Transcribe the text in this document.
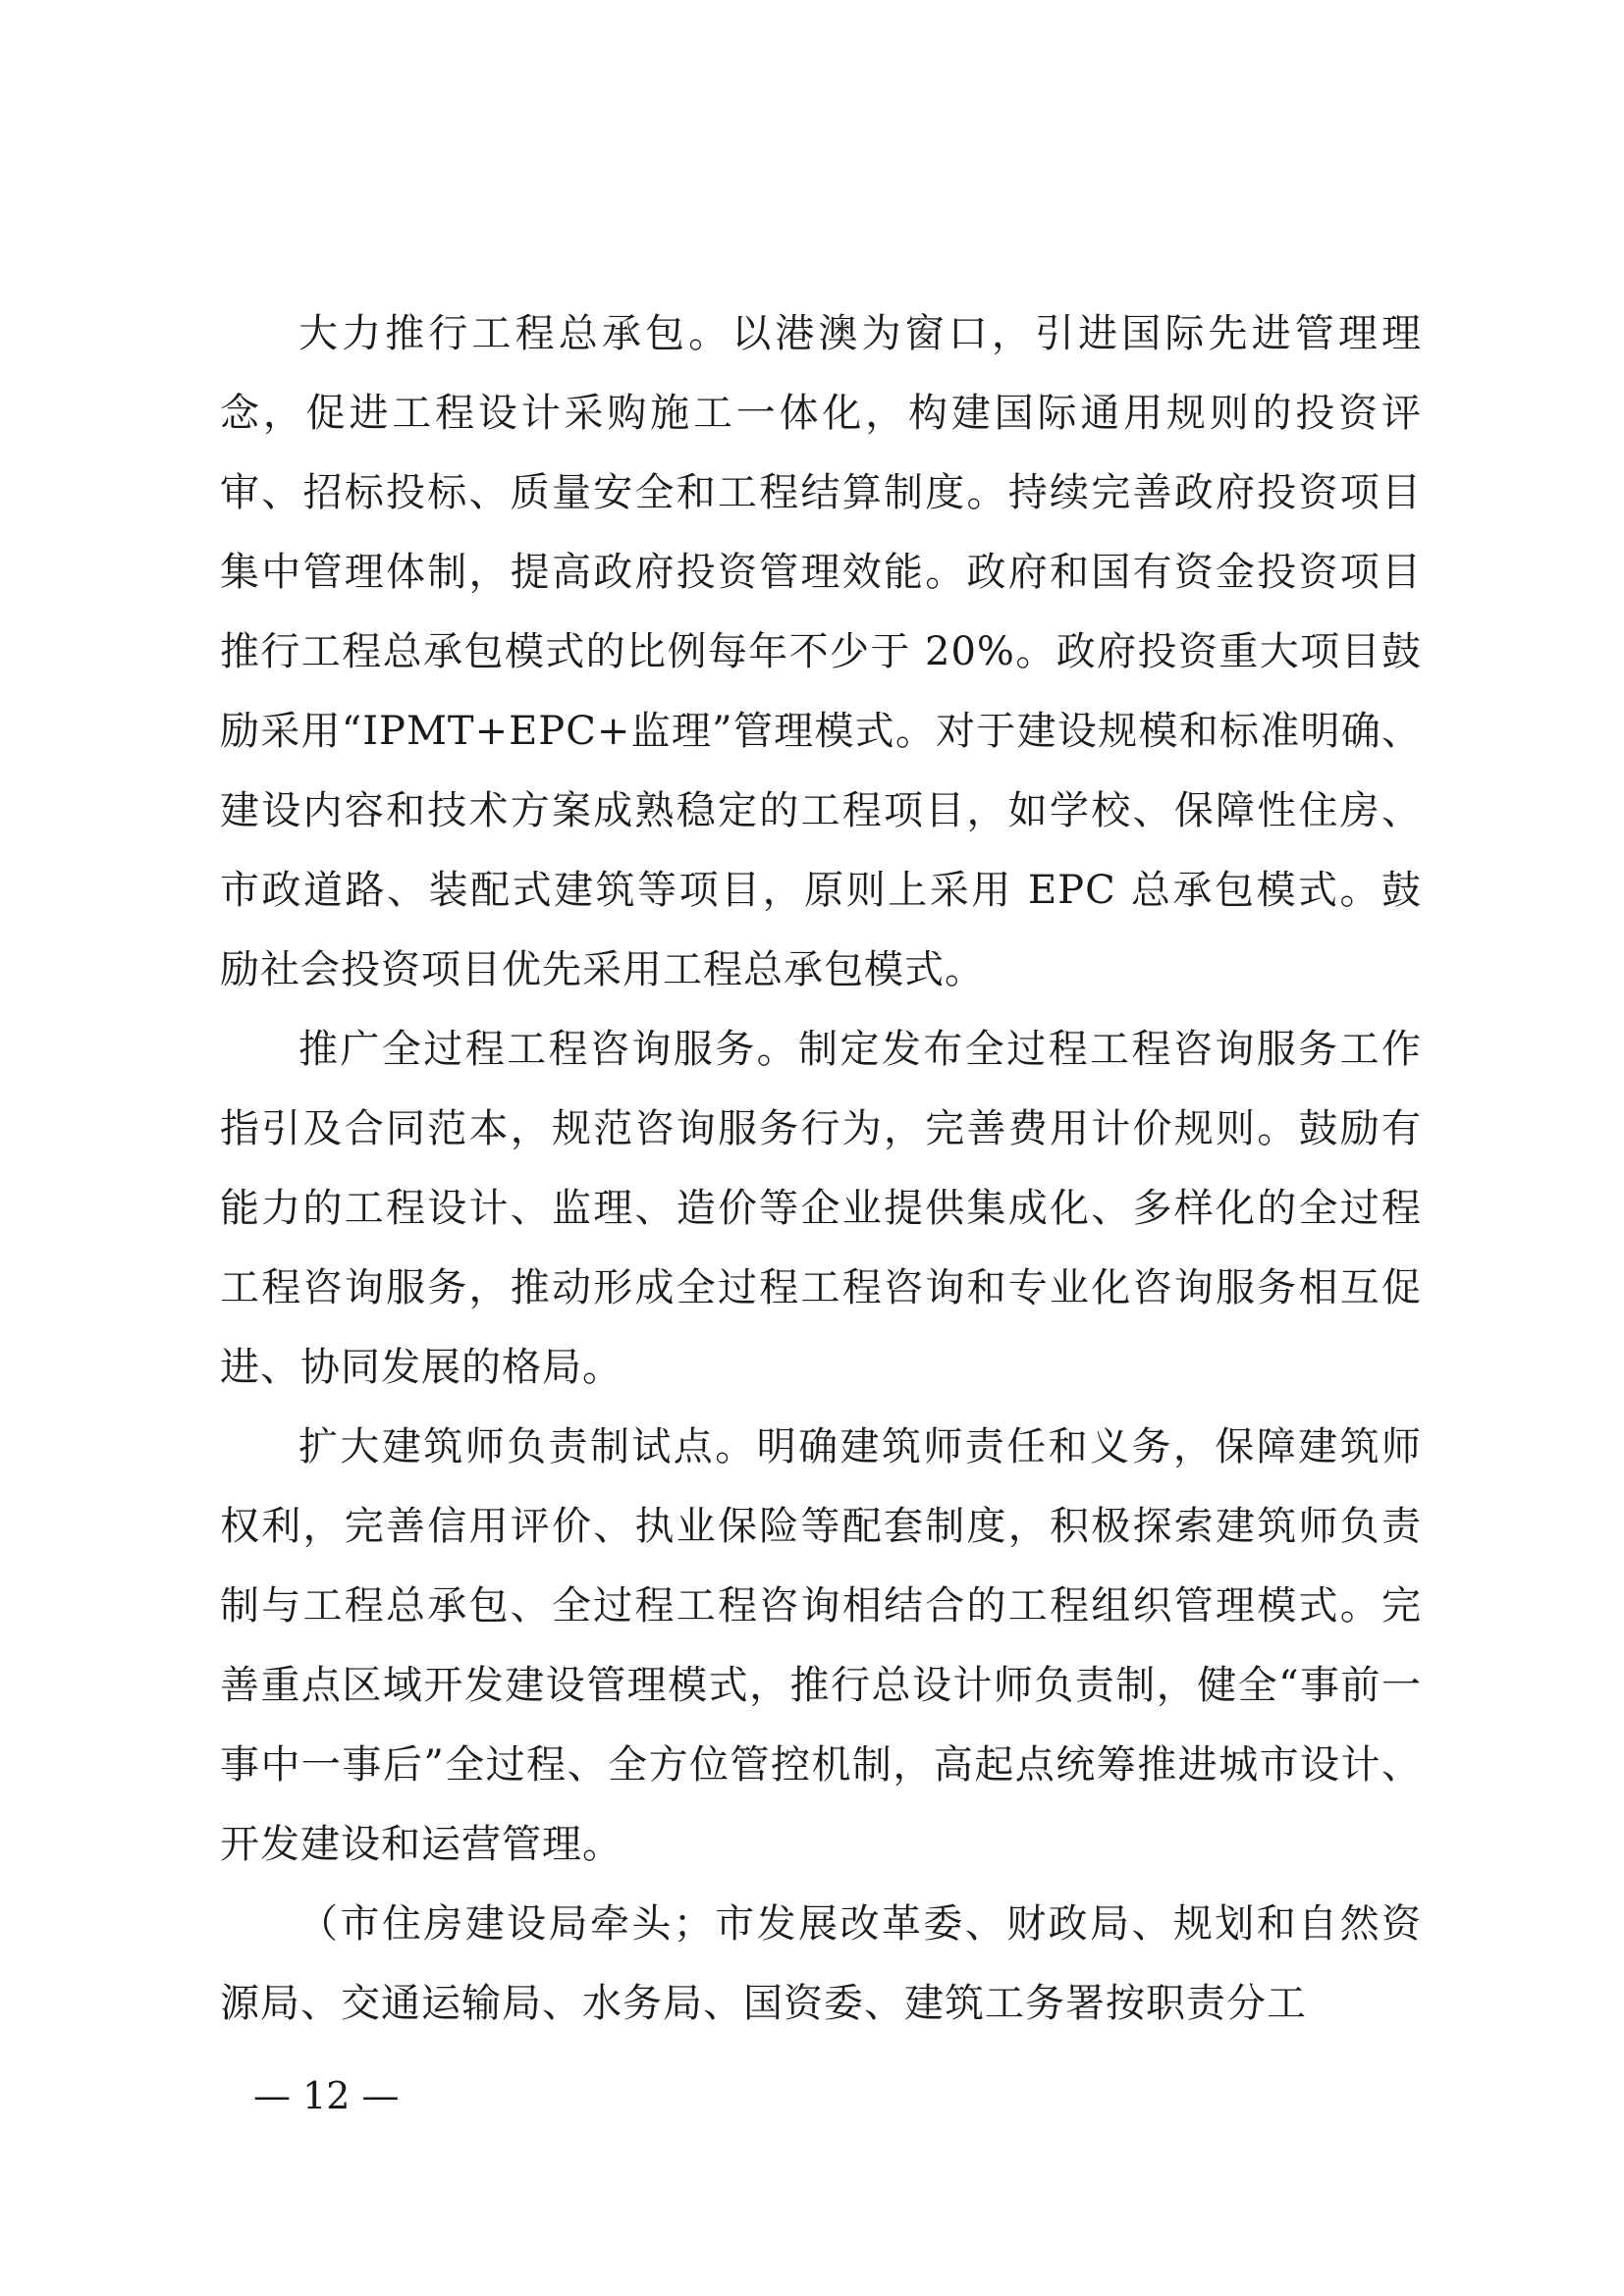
大力推行工程总承包。以港澳为窗口，引进国际先进管理理念，促进工程设计采购施工一体化，构建国际通用规则的投资评审、招标投标、质量安全和工程结算制度。持续完善政府投资项目集中管理体制，提高政府投资管理效能。政府和国有资金投资项目推行工程总承包模式的比例每年不少于 20%。政府投资重大项目鼓励采用“IPMT+EPC+监理”管理模式。对于建设规模和标准明确、建设内容和技术方案成熟稳定的工程项目，如学校、保障性住房、市政道路、装配式建筑等项目，原则上采用 EPC 总承包模式。鼓励社会投资项目优先采用工程总承包模式。

推广全过程工程咨询服务。制定发布全过程工程咨询服务工作指引及合同范本，规范咨询服务行为，完善费用计价规则。鼓励有能力的工程设计、监理、造价等企业提供集成化、多样化的全过程工程咨询服务，推动形成全过程工程咨询和专业化咨询服务相互促进、协同发展的格局。

扩大建筑师负责制试点。明确建筑师责任和义务，保障建筑师权利，完善信用评价、执业保险等配套制度，积极探索建筑师负责制与工程总承包、全过程工程咨询相结合的工程组织管理模式。完善重点区域开发建设管理模式，推行总设计师负责制，健全“事前一事中一事后”全过程、全方位管控机制，高起点统筹推进城市设计、开发建设和运营管理。

（市住房建设局牵头；市发展改革委、财政局、规划和自然资源局、交通运输局、水务局、国资委、建筑工务署按职责分工

— 12 —
